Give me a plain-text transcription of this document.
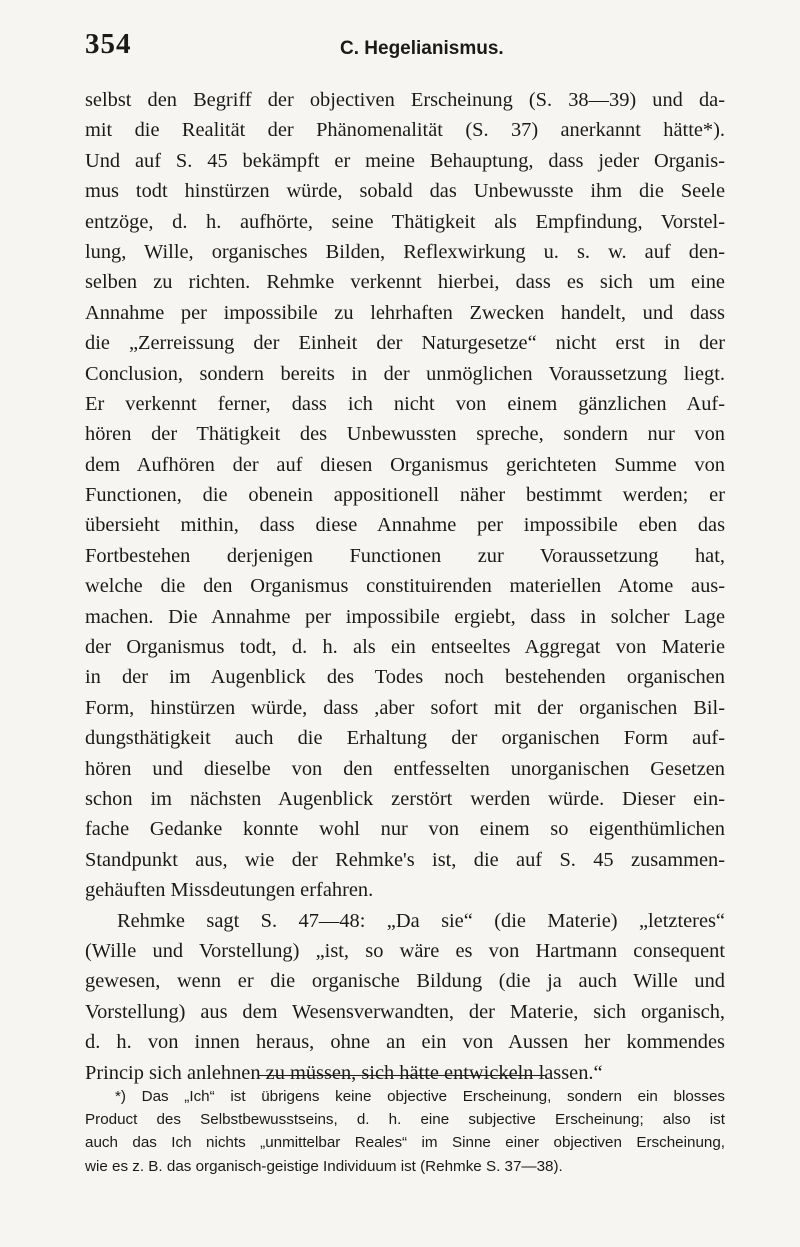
354	C. Hegelianismus.
selbst den Begriff der objectiven Erscheinung (S. 38—39) und da-
mit die Realität der Phänomenalität (S. 37) anerkannt hätte*).
Und auf S. 45 bekämpft er meine Behauptung, dass jeder Organis-
mus todt hinstürzen würde, sobald das Unbewusste ihm die Seele
entzöge, d. h. aufhörte, seine Thätigkeit als Empfindung, Vorstel-
lung, Wille, organisches Bilden, Reflexwirkung u. s. w. auf den-
selben zu richten. Rehmke verkennt hierbei, dass es sich um eine
Annahme per impossibile zu lehrhaften Zwecken handelt, und dass
die „Zerreissung der Einheit der Naturgesetze“ nicht erst in der
Conclusion, sondern bereits in der unmöglichen Voraussetzung liegt.
Er verkennt ferner, dass ich nicht von einem gänzlichen Auf-
hören der Thätigkeit des Unbewussten spreche, sondern nur von
dem Aufhören der auf diesen Organismus gerichteten Summe von
Functionen, die obenein appositionell näher bestimmt werden; er
übersieht mithin, dass diese Annahme per impossibile eben das
Fortbestehen derjenigen Functionen zur Voraussetzung hat,
welche die den Organismus constituirenden materiellen Atome aus-
machen. Die Annahme per impossibile ergiebt, dass in solcher Lage
der Organismus todt, d. h. als ein entseeltes Aggregat von Materie
in der im Augenblick des Todes noch bestehenden organischen
Form, hinstürzen würde, dass ,aber sofort mit der organischen Bil-
dungsthätigkeit auch die Erhaltung der organischen Form auf-
hören und dieselbe von den entfesselten unorganischen Gesetzen
schon im nächsten Augenblick zerstört werden würde. Dieser ein-
fache Gedanke konnte wohl nur von einem so eigenthümlichen
Standpunkt aus, wie der Rehmke's ist, die auf S. 45 zusammen-
gehäuften Missdeutungen erfahren.
Rehmke sagt S. 47—48: „Da sie“ (die Materie) „letzteres“
(Wille und Vorstellung) „ist, so wäre es von Hartmann consequent
gewesen, wenn er die organische Bildung (die ja auch Wille und
Vorstellung) aus dem Wesensverwandten, der Materie, sich organisch,
d. h. von innen heraus, ohne an ein von Aussen her kommendes
Princip sich anlehnen zu müssen, sich hätte entwickeln lassen.“
*) Das „Ich“ ist übrigens keine objective Erscheinung, sondern ein blosses
Product des Selbstbewusstseins, d. h. eine subjective Erscheinung; also ist
auch das Ich nichts „unmittelbar Reales“ im Sinne einer objectiven Erscheinung,
wie es z. B. das organisch-geistige Individuum ist (Rehmke S. 37—38).
